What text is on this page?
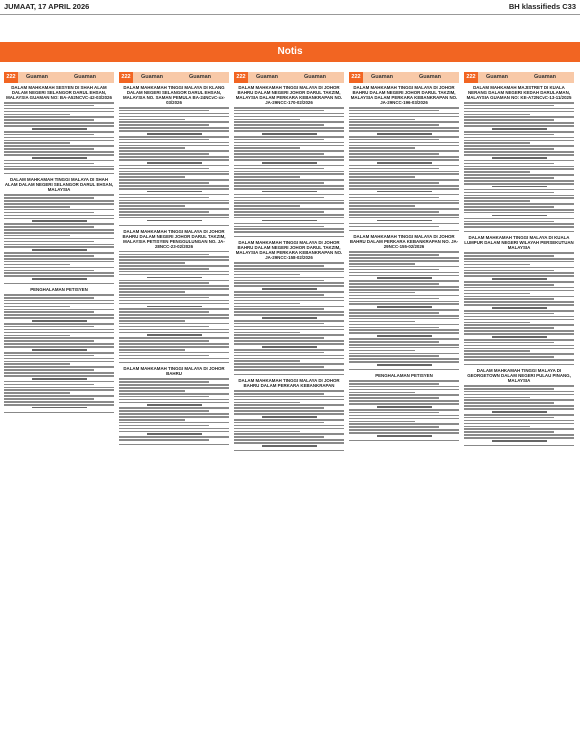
JUMAAT, 17 APRIL 2026	BH klassifieds C33
Notis
222	Guaman	Guaman
DALAM MAHKAMAH SESYEN DI SHAH ALAM DALAM NEGERI SELANGOR DARUL EHSAN, MALAYSIA GUAMAN NO: BA-A52NCVC-42-03/2026
DALAM MAHKAMAH TINGGI MALAYA DI SHAH ALAM DALAM NEGERI SELANGOR DARUL EHSAN, MALAYSIA
PENGHALAMAN PETISYEN
222	Guaman	Guaman
DALAM MAHKAMAH TINGGI MALAYA DI KLANG DALAM NEGERI SELANGOR DARUL EHSAN, MALAYSIA NO. SAMAN PEMULA BA-24NCvC-xx-03/2026
DALAM MAHKAMAH TINGGI MALAYA DI JOHOR BAHRU DALAM NEGERI JOHOR DARUL TAKZIM, MALAYSIA PETISYEN PENGGULUNGAN NO. JA-28NCC-23-02/2026
DALAM MAHKAMAH TINGGI MALAYA DI JOHOR BAHRU
222	Guaman	Guaman
DALAM MAHKAMAH TINGGI MALAYA DI JOHOR BAHRU DALAM NEGERI JOHOR DARUL TAKZIM, MALAYSIA DALAM PERKARA KEBANKRAPAN NO. JA-29NCC-170-02/2026
DALAM MAHKAMAH TINGGI MALAYA DI JOHOR BAHRU DALAM NEGERI JOHOR DARUL TAKZIM, MALAYSIA DALAM PERKARA KEBANKRAPAN NO. JA-29NCC-158-02/2026
DALAM MAHKAMAH TINGGI MALAYA DI JOHOR BAHRU DALAM PERKARA KEBANKRAPAN
222	Guaman	Guaman
DALAM MAHKAMAH TINGGI MALAYA DI JOHOR BAHRU DALAM NEGERI JOHOR DARUL TAKZIM, MALAYSIA DALAM PERKARA KEBANKRAPAN NO. JA-29NCC-196-03/2026
DALAM MAHKAMAH TINGGI MALAYA DI JOHOR BAHRU DALAM PERKARA KEBANKRAPAN NO. JA-29NCC-155-02/2026
PENGHALAMAN PETISYEN
222	Guaman	Guaman
DALAM MAHKAMAH MAJISTRET DI KUALA NERANG DALAM NEGERI KEDAH DARULAMAN, MALAYSIA GUAMAN NO: KE-A72NCvC-13-11/2025
DALAM MAHKAMAH TINGGI MALAYA DI KUALA LUMPUR DALAM NEGERI WILAYAH PERSEKUTUAN MALAYSIA
DALAM MAHKAMAH TINGGI MALAYA DI GEORGETOWN DALAM NEGERI PULAU PINANG, MALAYSIA
